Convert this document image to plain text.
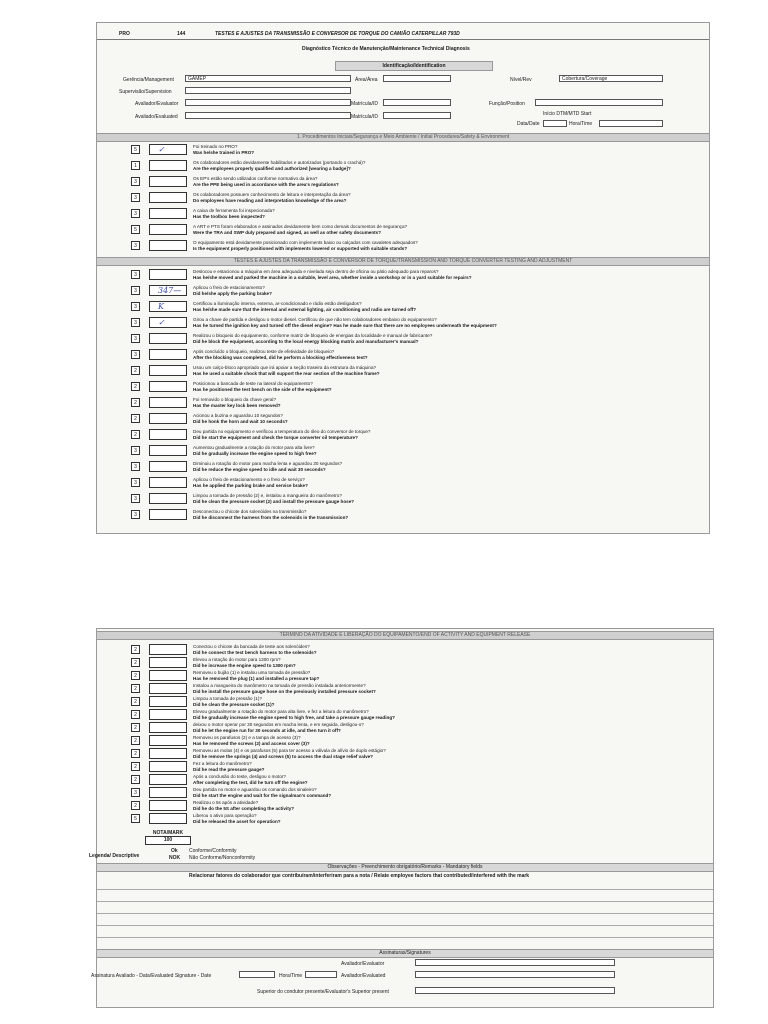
PRO	144	TESTES E AJUSTES DA TRANSMISSÃO E CONVERSOR DE TORQUE DO CAMIÃO CATERPILLAR 793D
Diagnóstico Técnico de Manutenção/Maintenance Technical Diagnosis
Identificação/Identification
Gerência/Management	GAMEP	Área/Área	Nível/Rev	Cobertura/Coverage
Supervisão/Supervision
Avaliador/Evaluator	Matrícula/ID	Função/Position
Avaliado/Evaluated	Matrícula/ID	Início DTM/MTD Start
Data/Date	Hora/Time
1. Procedimentos Iniciais/Segurança e Meio Ambiente / Initial Procedures/Safety & Environment
5	✓	Foi treinado no PRO?
Was he/she trained in PRO?
1
Os colaboradores estão devidamente habilitados e autorizados (portando o crachá)?
Are the employees properly qualified and authorized [wearing a badge]?
3
Os EP's estão sendo utilizados conforme normativo da área?
Are the PPE being used in accordance with the area's regulations?
3
Os colaboradores possuem conhecimento de leitura e interpretação da área?
Do employees have reading and interpretation knowledge of the area?
3
A caixa de ferramenta foi inspecionada?
Has the toolbox been inspected?
5
A ART e PTS foram elaborados e assinados devidamente bem como demais documentos de segurança?
Were the TRA and SWP duly prepared and signed, as well as other safety documents?
3
O equipamento está devidamente posicionado com implements baixo ou calçados com cavaletes adequados?
Is the equipment properly positioned with implements lowered or supported with suitable stands?
TESTES E AJUSTES DA TRANSMISSÃO E CONVERSOR DE TORQUE/TRANSMISSION AND TORQUE CONVERTER TESTING AND ADJUSTMENT
3
Deslocou e estacionou a máquina em área adequada e nivelada seja dentro de oficina ou pátio adequado para reparos?
Has he/she moved and parked the machine in a suitable, level area, whether inside a workshop or in a yard suitable for repairs?
3	347—	Aplicou o freio de estacionamento?
Did he/she apply the parking brake?
3	K	Certificou a iluminação interna, externa, ar-condicionado e rádio estão desligados?
Has he/she made sure that the internal and external lighting, air conditioning and radio are turned off?
3	✓	Girou a chave de partida e desligou o motor diesel. Certificou de que não tem colaboradores embaixo do equipamento?
Has he turned the ignition key and turned off the diesel engine? Has he made sure that there are no employees underneath the equipment?
3
Realizou o bloqueio do equipamento, conforme matriz de bloqueio de energias da localidade e manual de fabricante?
Did he block the equipment, according to the local energy blocking matrix and manufacturer's manual?
3
Após concluído o bloqueio, realizou teste de efetividade de bloqueio?
After the blocking was completed, did he perform a blocking effectiveness test?
2
Usou um calço-bloco apropriado que irá apoiar a seção traseira da estrutura da máquina?
Has he used a suitable chock that will support the rear section of the machine frame?
2
Posicionou a bancada de teste na lateral do equipamento?
Has he positioned the test bench on the side of the equipment?
2
Foi removido o bloqueio da chave geral?
Has the master key lock been removed?
2
Acionou a buzina e aguardou 10 segundos?
Did he honk the horn and wait 10 seconds?
2
Deu partida no equipamento e verificou a temperatura do óleo do conversor de torque?
Did he start the equipment and check the torque converter oil temperature?
3
Aumentou gradualmente a rotação do motor para alta livre?
Did he gradually increase the engine speed to high free?
3
Diminuiu a rotação do motor para macha lenta e aguardou 30 segundos?
Did he reduce the engine speed to idle and wait 30 seconds?
3
Aplicou o freio de estacionamento e o freio de serviço?
Has he applied the parking brake and service brake?
3
Limpou a tomada de pressão (2) e, instalou a mangueira do manômetro?
Did he clean the pressure socket (2) and install the pressure gauge hose?
3
Desconectou o chicote dos solenóides na transmissão?
Did he disconnect the harness from the solenoids in the transmission?
TÉRMINO DA ATIVIDADE E LIBERAÇÃO DO EQUIPAMENTO/END OF ACTIVITY AND EQUIPMENT RELEASE
2
Conectou o chicote da bancada de teste aos solenóides?
Did he connect the test bench harness to the solenoids?
2
Elevou a rotação do motor para 1300 rpm?
Did he increase the engine speed to 1300 rpm?
2
Removeu o bujão (1) e instalou uma tomada de pressão?
Has he removed the plug (1) and installed a pressure tap?
2
Instalou a mangueira do manômetro na tomada de pressão instalada anteriormente?
Did he install the pressure gauge hose on the previously installed pressure socket?
2
Limpou a tomada de pressão (1)?
Did he clean the pressure socket (1)?
2
Elevou gradualmente a rotação do motor para alta livre, e fez a leitura do manômetro?
Did he gradually increase the engine speed to high free, and take a pressure gauge reading?
2
deixou o motor operar por 30 segundos em macha lenta, e em seguida, desligou-o?
Did he let the engine run for 30 seconds at idle, and then turn it off?
2
Removeu os parafusos (2) e a tampa de acesso (3)?
Has he removed the screws (2) and access cover (3)?
2
Removeu as molas (4) e os parafusos (5) para ter acesso a válvula de alívio de duplo estágio?
Did he remove the springs (4) and screws (5) to access the dual stage relief valve?
2
Fez a leitura do manômetro?
Did he read the pressure gauge?
2
Após a conclusão do teste, desligou o motor?
After completing the test, did he turn off the engine?
3
Deu partida no motor e aguardou os comando dos sinaleiro?
Did he start the engine and wait for the signalman's command?
2
Realizou o 5s após a atividade?
Did he do the 5S after completing the activity?
5
Liberou o ativo para operação?
Did he released the asset for operation?
NOTA/MARK
100
Ok Conforme/Conformity
Legenda/ Descriptive	NOK Não Conforme/Nonconformity
Observações - Preenchimento obrigatório/Remarks - Mandatory fields
Relacionar fatores do colaborador que contribuíram/interferiram para a nota / Relate employee factors that contributed/interfered with the mark
Assinaturas/Signatures
Avaliador/Evaluator
Assinatura Avaliado - Data/Evaluated Signature - Date	Hora/Time	Avaliador/Evaluated
Superior do condutor presente/Evaluator's Superior present
